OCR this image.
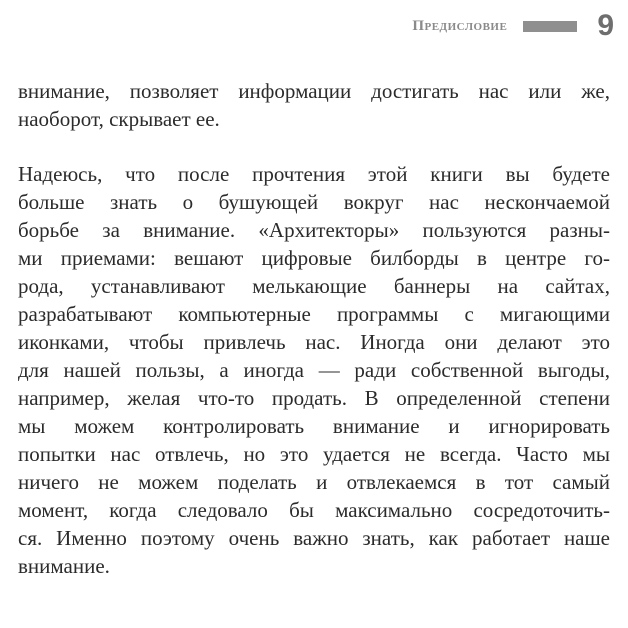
Предисловие	9

внимание, позволяет информации достигать нас или же,
наоборот, скрывает ее.

Надеюсь, что после прочтения этой книги вы будете
больше знать о бушующей вокруг нас нескончаемой
борьбе за внимание. «Архитекторы» пользуются разны-
ми приемами: вешают цифровые билборды в центре го-
рода, устанавливают мелькающие баннеры на сайтах,
разрабатывают компьютерные программы с мигающими
иконками, чтобы привлечь нас. Иногда они делают это
для нашей пользы, а иногда — ради собственной выгоды,
например, желая что-то продать. В определенной степени
мы можем контролировать внимание и игнорировать
попытки нас отвлечь, но это удается не всегда. Часто мы
ничего не можем поделать и отвлекаемся в тот самый
момент, когда следовало бы максимально сосредоточить-
ся. Именно поэтому очень важно знать, как работает наше
внимание.
